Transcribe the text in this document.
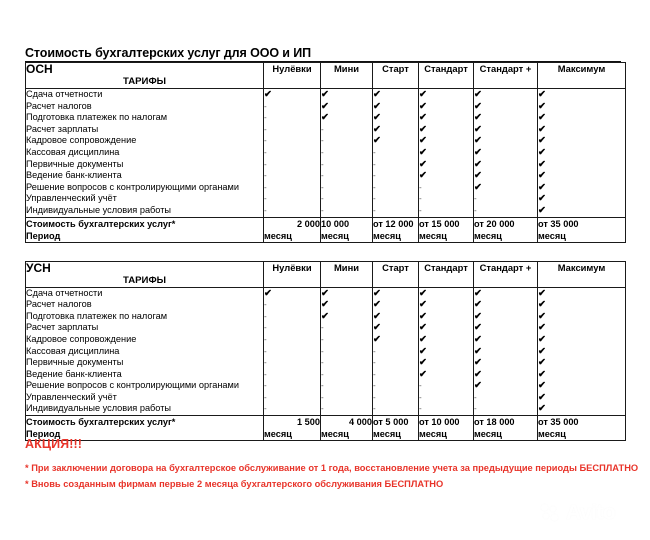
Стоимость бухгалтерских услуг для ООО и ИП
ОСН	Нулёвки	Мини	Старт	Стандарт	Стандарт +	Максимум
ТАРИФЫ						
Сдача отчетности	✔	✔	✔	✔	✔	✔
Расчет налогов	-	✔	✔	✔	✔	✔
Подготовка платежек по налогам	-	✔	✔	✔	✔	✔
Расчет зарплаты	-	-	✔	✔	✔	✔
Кадровое сопровождение	-	-	✔	✔	✔	✔
Кассовая дисциплина	-	-	-	✔	✔	✔
Первичные документы	-	-	-	✔	✔	✔
Ведение банк-клиента	-	-	-	✔	✔	✔
Решение вопросов с контролирующими органами	-	-	-	-	✔	✔
Управленческий учёт	-	-	-	-	-	✔
Индивидуальные условия работы	-	-	-	-	-	✔
Стоимость бухгалтерских услуг*	2 000	10 000	от 12 000	от 15 000	от 20 000	от 35 000
Период	месяц	месяц	месяц	месяц	месяц	месяц
УСН	Нулёвки	Мини	Старт	Стандарт	Стандарт +	Максимум
ТАРИФЫ						
Сдача отчетности	✔	✔	✔	✔	✔	✔
Расчет налогов	-	✔	✔	✔	✔	✔
Подготовка платежек по налогам	-	✔	✔	✔	✔	✔
Расчет зарплаты	-	-	✔	✔	✔	✔
Кадровое сопровождение	-	-	✔	✔	✔	✔
Кассовая дисциплина	-	-	-	✔	✔	✔
Первичные документы	-	-	-	✔	✔	✔
Ведение банк-клиента	-	-	-	✔	✔	✔
Решение вопросов с контролирующими органами	-	-	-	-	✔	✔
Управленческий учёт	-	-	-	-	-	✔
Индивидуальные условия работы	-	-	-	-	-	✔
Стоимость бухгалтерских услуг*	1 500	4 000	от 5 000	от 10 000	от 18 000	от 35 000
Период	месяц	месяц	месяц	месяц	месяц	месяц
АКЦИЯ!!!
* При заключении договора на бухгалтерское обслуживание от 1 года, восстановление учета за предыдущие периоды БЕСПЛАТНО
* Вновь созданным фирмам первые 2 месяца бухгалтерского обслуживания БЕСПЛАТНО
Avito
